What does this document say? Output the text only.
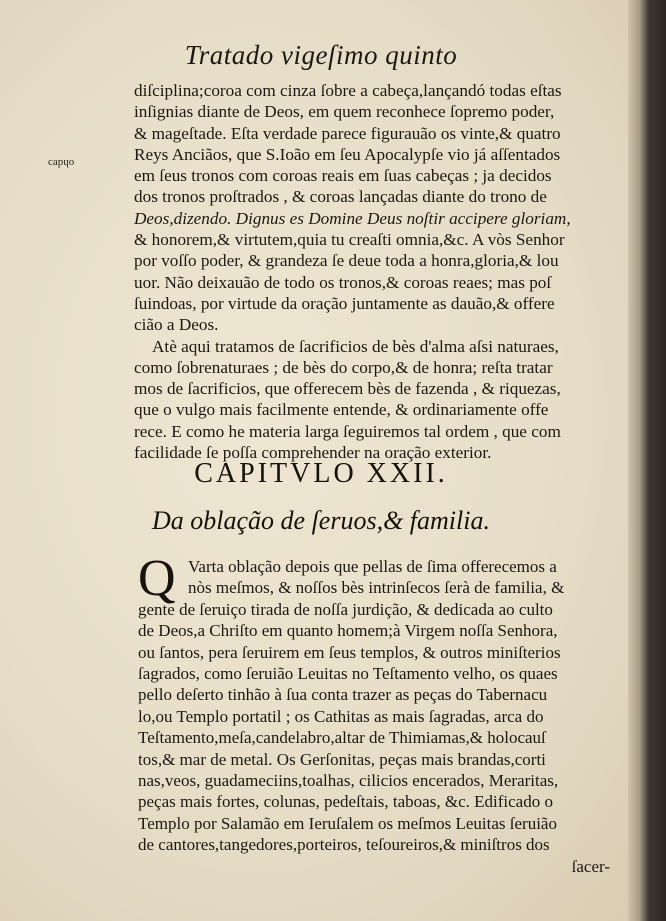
Tratado vigeſimo quinto
capɥo
diſciplina;coroa com cinza ſobre a cabeça,lançandó todas eſtas
inſignias diante de Deos, em quem reconhece ſopremo poder,
& mageſtade. Eſta verdade parece figurauão os vinte,& quatro
Reys Anciãos, que S.Ioão em ſeu Apocalypſe vio já aſſentados
em ſeus tronos com coroas reais em ſuas cabeças ; ja decidos
dos tronos proſtrados , & coroas lançadas diante do trono de
Deos,dizendo. Dignus es Domine Deus noſtir accipere gloriam,
& honorem,& virtutem,quia tu creaſti omnia,&c. A vòs Senhor
por voſſo poder, & grandeza ſe deue toda a honra,gloria,& lou
uor. Não deixauão de todo os tronos,& coroas reaes; mas poſ
ſuindoas, por virtude da oração juntamente as dauão,& offere
cião a Deos.
Atè aqui tratamos de ſacrificios de bès d'alma aſsi naturaes,
como ſobrenaturaes ; de bès do corpo,& de honra; reſta tratar
mos de ſacrificios, que offerecem bès de fazenda , & riquezas,
que o vulgo mais facilmente entende, & ordinariamente offe
rece. E como he materia larga ſeguiremos tal ordem , que com
facilidade ſe poſſa comprehender na oração exterior.
CAPITVLO XXII.
Da oblação de ſeruos,& familia.
Q Varta oblação depois que pellas de ſima offerecemos a
nòs meſmos, & noſſos bès intrinſecos ſerà de familia, &
gente de ſeruiço tirada de noſſa jurdição, & dedicada ao culto
de Deos,a Chriſto em quanto homem;à Virgem noſſa Senhora,
ou ſantos, pera ſeruirem em ſeus templos, & outros miniſterios
ſagrados, como ſeruião Leuitas no Teſtamento velho, os quaes
pello deſerto tinhão à ſua conta trazer as peças do Tabernacu
lo,ou Templo portatil ; os Cathitas as mais ſagradas, arca do
Teſtamento,meſa,candelabro,altar de Thimiamas,& holocauſ
tos,& mar de metal. Os Gerſonitas, peças mais brandas,corti
nas,veos, guadameciins,toalhas, cilicios encerados, Meraritas,
peças mais fortes, colunas, pedeſtais, taboas, &c. Edificado o
Templo por Salamão em Ieruſalem os meſmos Leuitas ſeruião
de cantores,tangedores,porteiros, teſoureiros,& miniſtros dos
ſacer-
